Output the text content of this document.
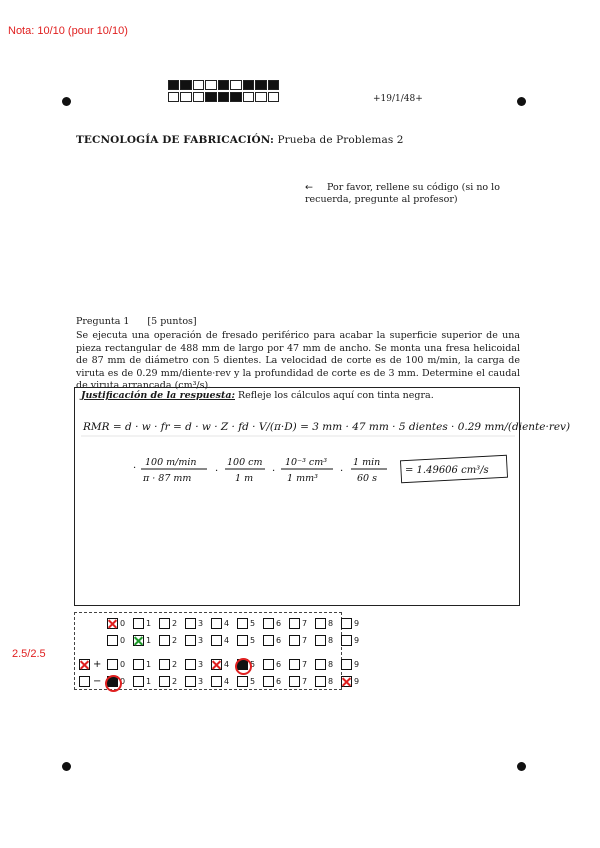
Nota: 10/10 (pour 10/10)
+19/1/48+
TECNOLOGÍA DE FABRICACIÓN: Prueba de Problemas 2
← Por favor, rellene su código (si no lo recuerda, pregunte al profesor)
Pregunta 1 [5 puntos]
Se ejecuta una operación de fresado periférico para acabar la superficie superior de una pieza rectangular de 488 mm de largo por 47 mm de ancho. Se monta una fresa helicoidal de 87 mm de diámetro con 5 dientes. La velocidad de corte es de 100 m/min, la carga de viruta es de 0.29 mm/diente·rev y la profundidad de corte es de 3 mm. Determine el caudal de viruta arrancada (cm³/s).
Justificación de la respuesta: Refleje los cálculos aquí con tinta negra.
RMR = d · w · fr = d · w · Z · fd · V/(π·D) = 3 mm · 47 mm · 5 dientes · 0.29 mm/(diente·rev)
·
100 m/min
π · 87 mm
·
100 cm
1 m
·
10⁻³ cm³
1 mm³
·
1 min
60 s
= 1.49606 cm³/s
2.5/2.5
0	1	2	3	4	5	6	7	8	9
0	1	2	3	4	5	6	7	8	9
+ 0	1	2	3	4	5	6	7	8	9
− 0	1	2	3	4	5	6	7	8	9
